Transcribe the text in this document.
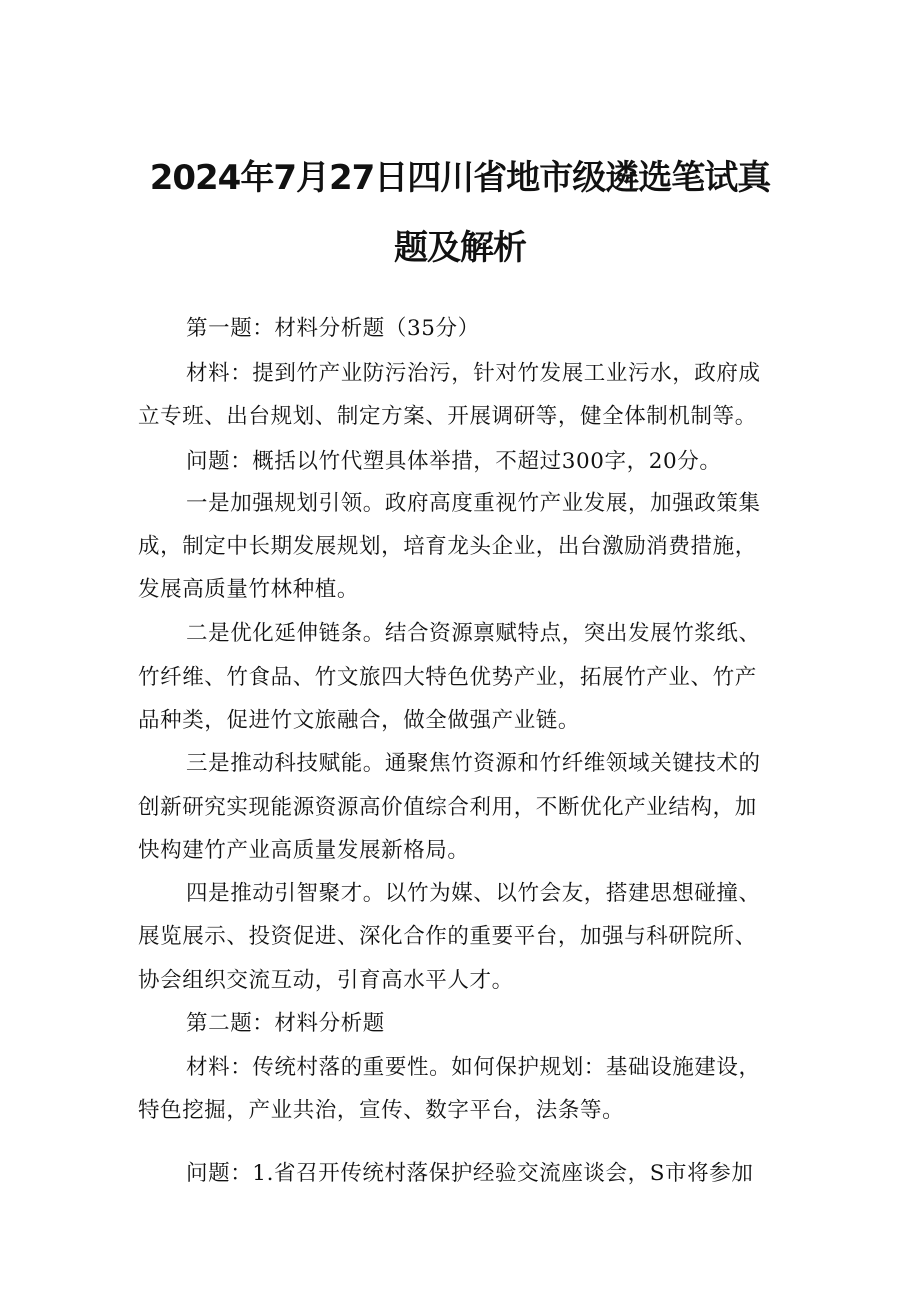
2024年7月27日四川省地市级遴选笔试真
题及解析
第一题：材料分析题（35分）
材料：提到竹产业防污治污，针对竹发展工业污水，政府成
立专班、出台规划、制定方案、开展调研等，健全体制机制等。
问题：概括以竹代塑具体举措，不超过300字，20分。
一是加强规划引领。政府高度重视竹产业发展，加强政策集
成，制定中长期发展规划，培育龙头企业，出台激励消费措施，
发展高质量竹林种植。
二是优化延伸链条。结合资源禀赋特点，突出发展竹浆纸、
竹纤维、竹食品、竹文旅四大特色优势产业，拓展竹产业、竹产
品种类，促进竹文旅融合，做全做强产业链。
三是推动科技赋能。通聚焦竹资源和竹纤维领域关键技术的
创新研究实现能源资源高价值综合利用，不断优化产业结构，加
快构建竹产业高质量发展新格局。
四是推动引智聚才。以竹为媒、以竹会友，搭建思想碰撞、
展览展示、投资促进、深化合作的重要平台，加强与科研院所、
协会组织交流互动，引育高水平人才。
第二题：材料分析题
材料：传统村落的重要性。如何保护规划：基础设施建设，
特色挖掘，产业共治，宣传、数字平台，法条等。
问题：1.省召开传统村落保护经验交流座谈会，S市将参加
